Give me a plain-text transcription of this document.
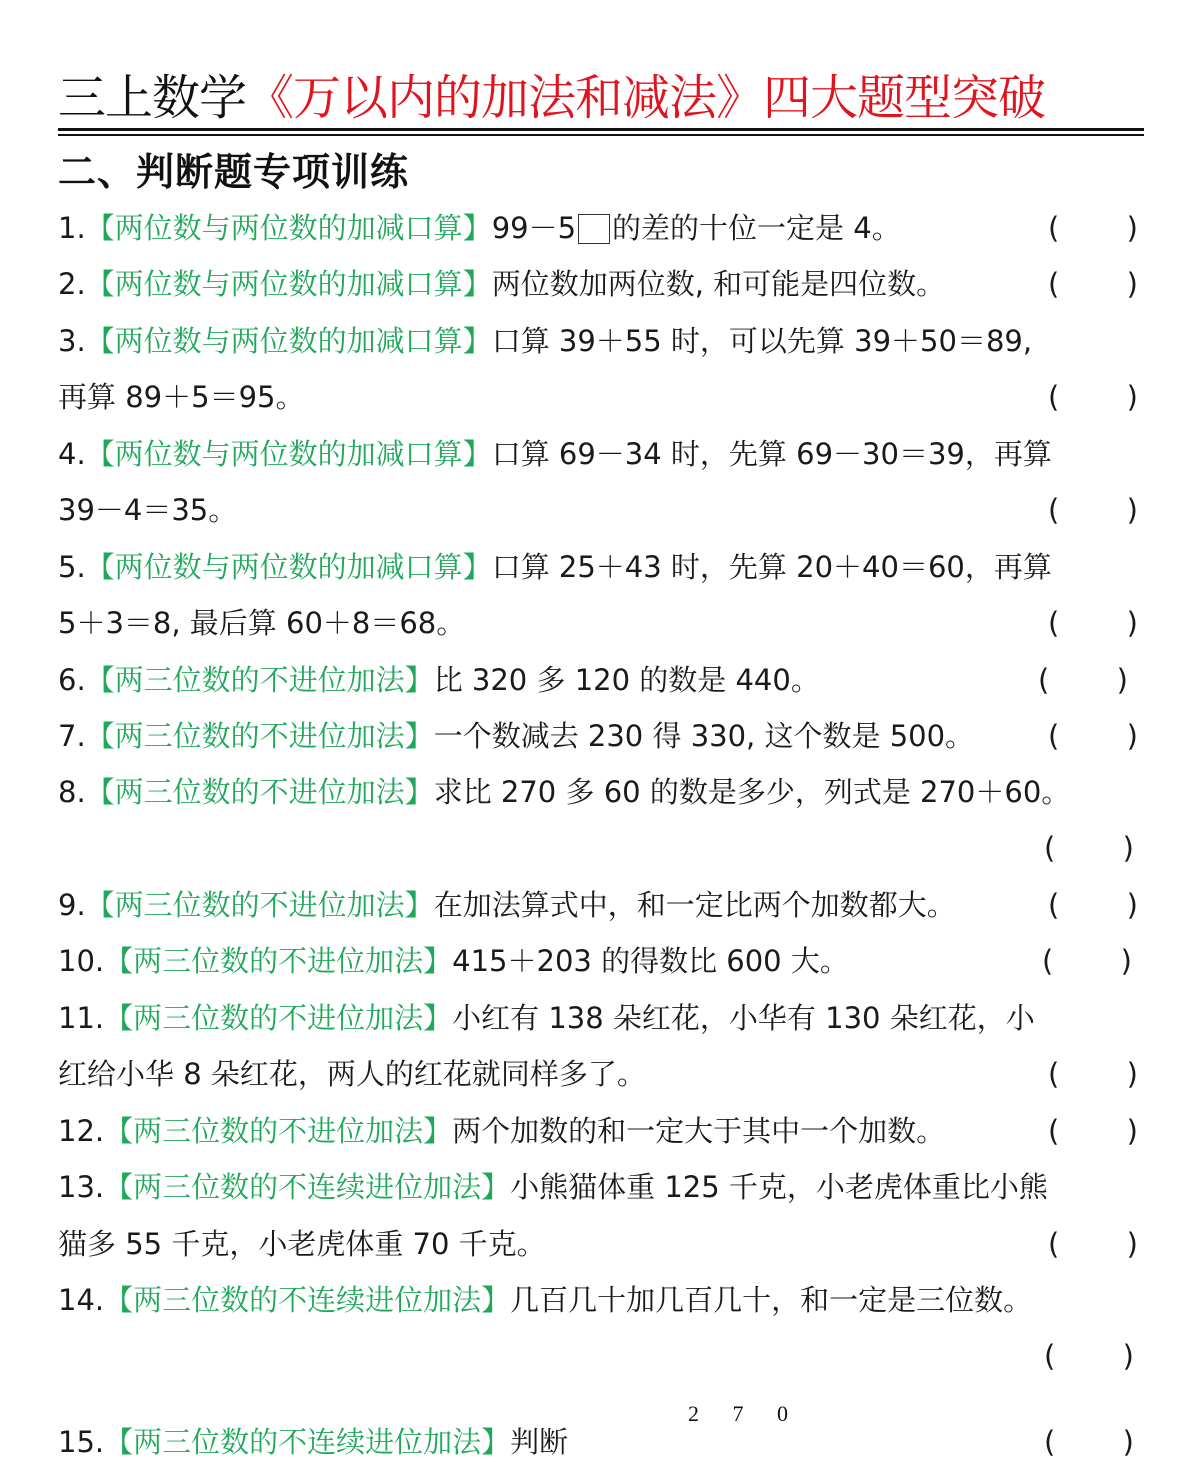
三上数学《万以内的加法和减法》四大题型突破
二、判断题专项训练
1.【两位数与两位数的加减口算】99－5 的差的十位一定是 4。	( )
2.【两位数与两位数的加减口算】两位数加两位数, 和可能是四位数。	( )
3.【两位数与两位数的加减口算】口算 39＋55 时，可以先算 39＋50＝89,
再算 89＋5＝95。	( )
4.【两位数与两位数的加减口算】口算 69－34 时，先算 69－30＝39，再算
39－4＝35。	( )
5.【两位数与两位数的加减口算】口算 25＋43 时，先算 20＋40＝60，再算
5＋3＝8, 最后算 60＋8＝68。	( )
6.【两三位数的不进位加法】比 320 多 120 的数是 440。	( )
7.【两三位数的不进位加法】一个数减去 230 得 330, 这个数是 500。	( )
8.【两三位数的不进位加法】求比 270 多 60 的数是多少，列式是 270＋60。
( )
9.【两三位数的不进位加法】在加法算式中，和一定比两个加数都大。	( )
10.【两三位数的不进位加法】415＋203 的得数比 600 大。	( )
11.【两三位数的不进位加法】小红有 138 朵红花，小华有 130 朵红花，小
红给小华 8 朵红花，两人的红花就同样多了。	( )
12.【两三位数的不进位加法】两个加数的和一定大于其中一个加数。	( )
13.【两三位数的不连续进位加法】小熊猫体重 125 千克，小老虎体重比小熊
猫多 55 千克，小老虎体重 70 千克。	( )
14.【两三位数的不连续进位加法】几百几十加几百几十，和一定是三位数。
( )
2 7 0
15.【两三位数的不连续进位加法】判断	( )
